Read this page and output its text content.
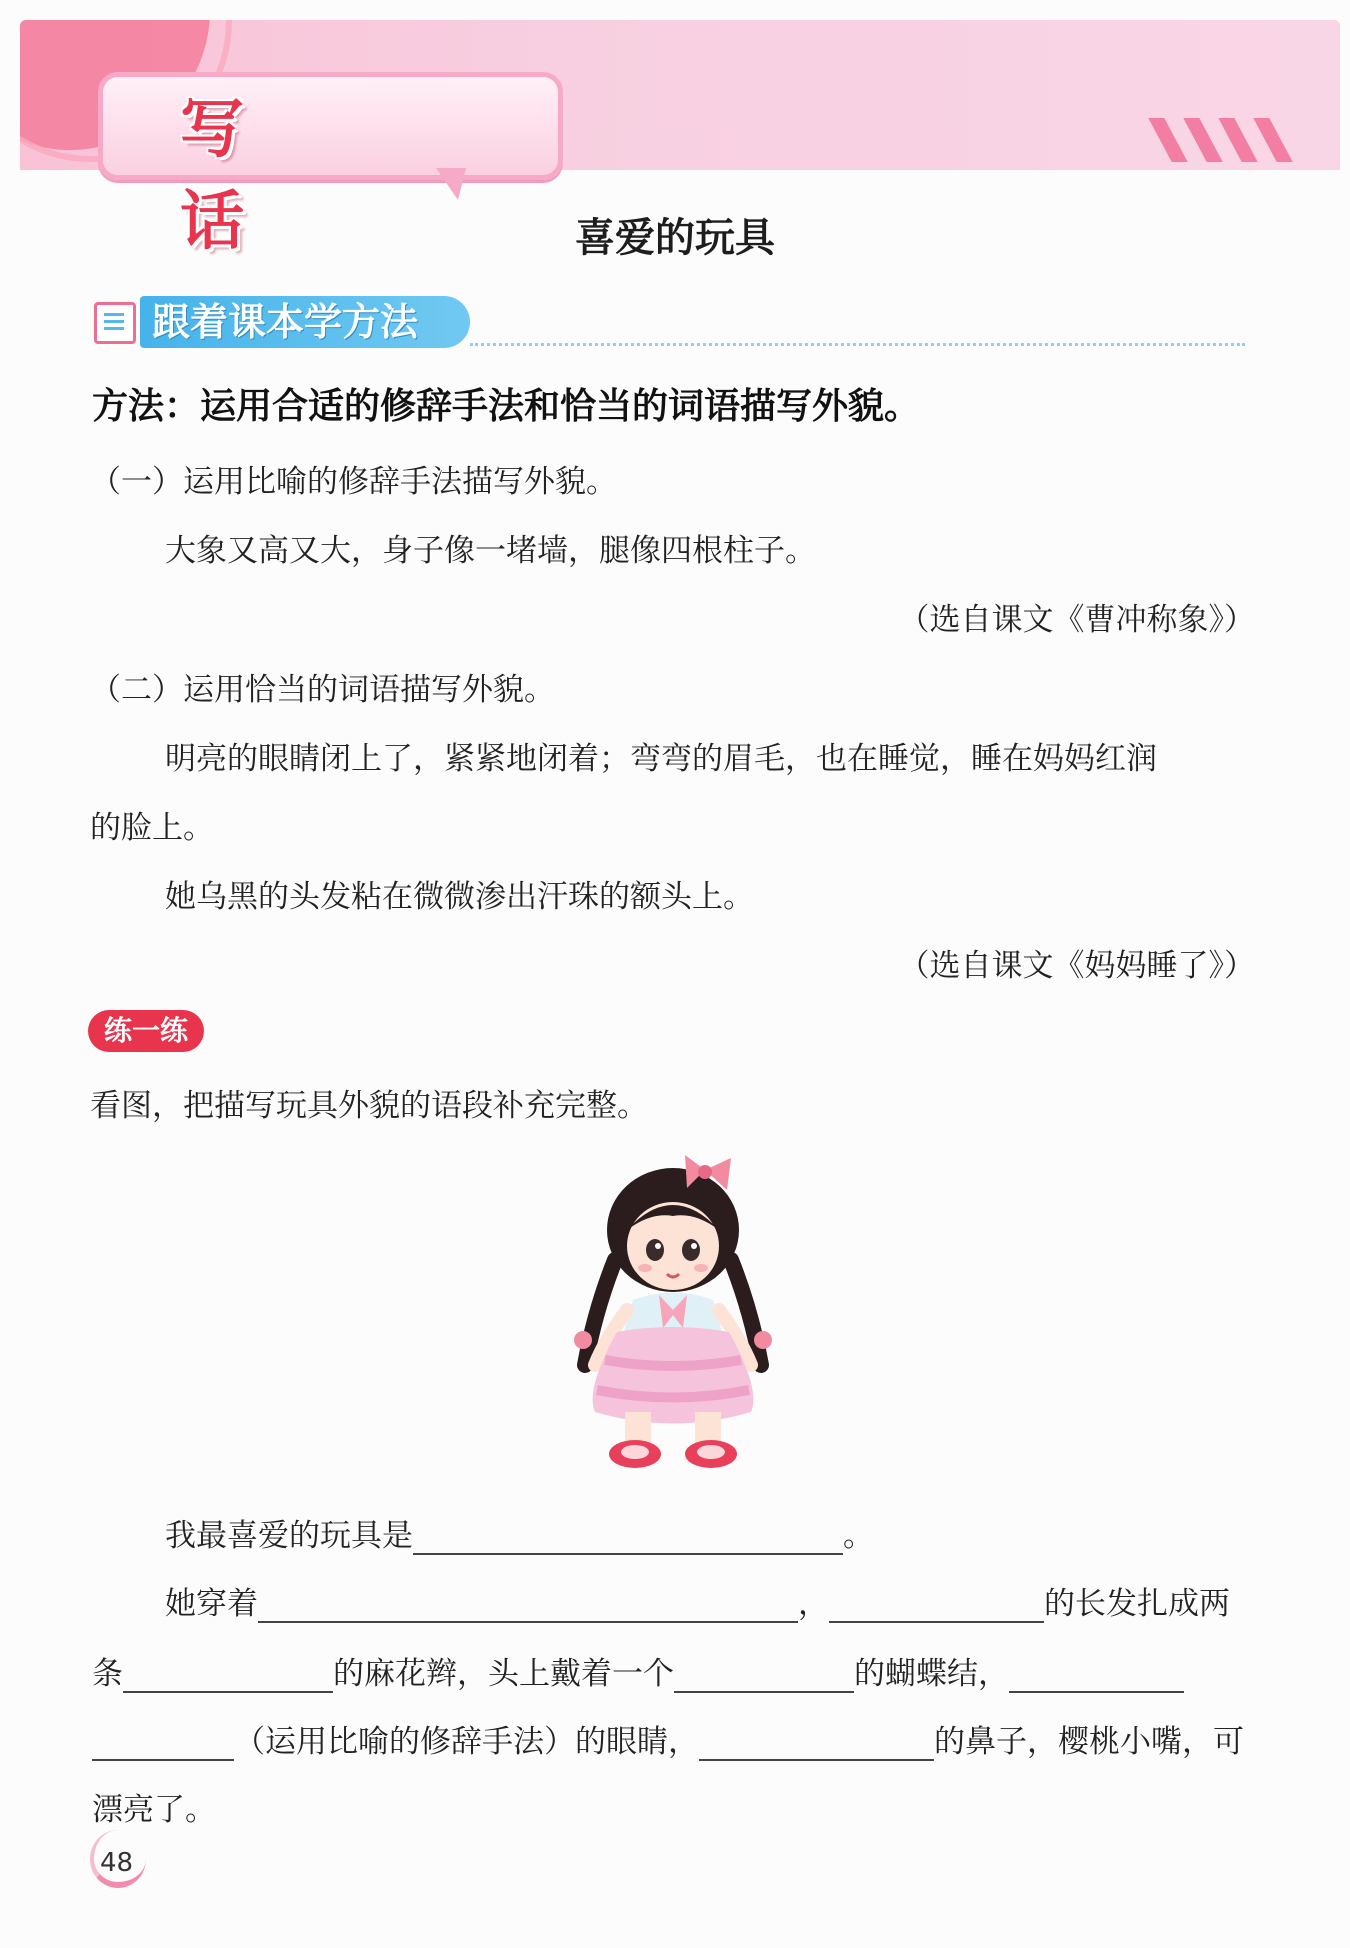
写话	喜爱的玩具
跟着课本学方法
方法：运用合适的修辞手法和恰当的词语描写外貌。
（一）运用比喻的修辞手法描写外貌。
大象又高又大，身子像一堵墙，腿像四根柱子。
（选自课文《曹冲称象》）
（二）运用恰当的词语描写外貌。
明亮的眼睛闭上了，紧紧地闭着；弯弯的眉毛，也在睡觉，睡在妈妈红润
的脸上。
她乌黑的头发粘在微微渗出汗珠的额头上。
（选自课文《妈妈睡了》）
练一练
看图，把描写玩具外貌的语段补充完整。
我最喜爱的玩具是	。
她穿着	，	的长发扎成两
条	的麻花辫，头上戴着一个	的蝴蝶结，
（运用比喻的修辞手法）的眼睛，	的鼻子，樱桃小嘴，可
漂亮了。
48
